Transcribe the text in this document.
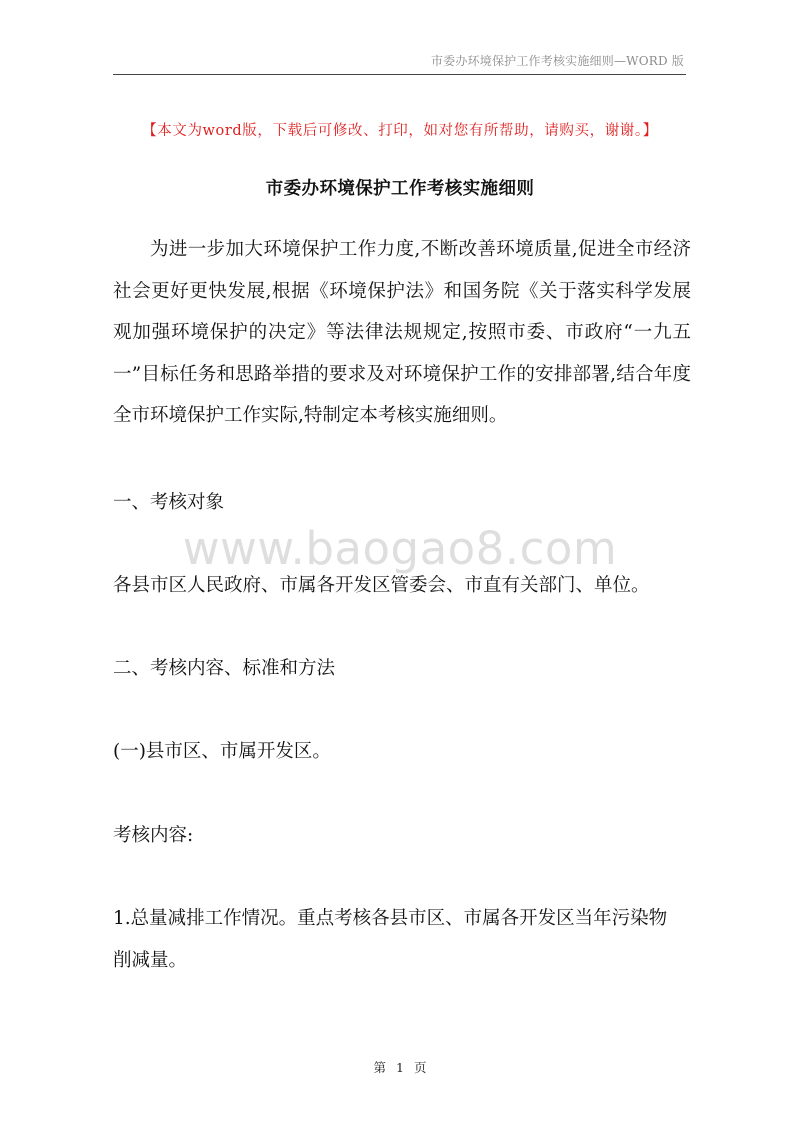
市委办环境保护工作考核实施细则—WORD 版
【本文为word版，下载后可修改、打印，如对您有所帮助，请购买，谢谢。】
市委办环境保护工作考核实施细则
为进一步加大环境保护工作力度,不断改善环境质量,促进全市经济社会更好更快发展,根据《环境保护法》和国务院《关于落实科学发展观加强环境保护的决定》等法律法规规定,按照市委、市政府“一九五一”目标任务和思路举措的要求及对环境保护工作的安排部署,结合年度全市环境保护工作实际,特制定本考核实施细则。
一、考核对象
www.baogao8.com
各县市区人民政府、市属各开发区管委会、市直有关部门、单位。
二、考核内容、标准和方法
(一)县市区、市属开发区。
考核内容:
1.总量减排工作情况。重点考核各县市区、市属各开发区当年污染物
削减量。
第 1 页
